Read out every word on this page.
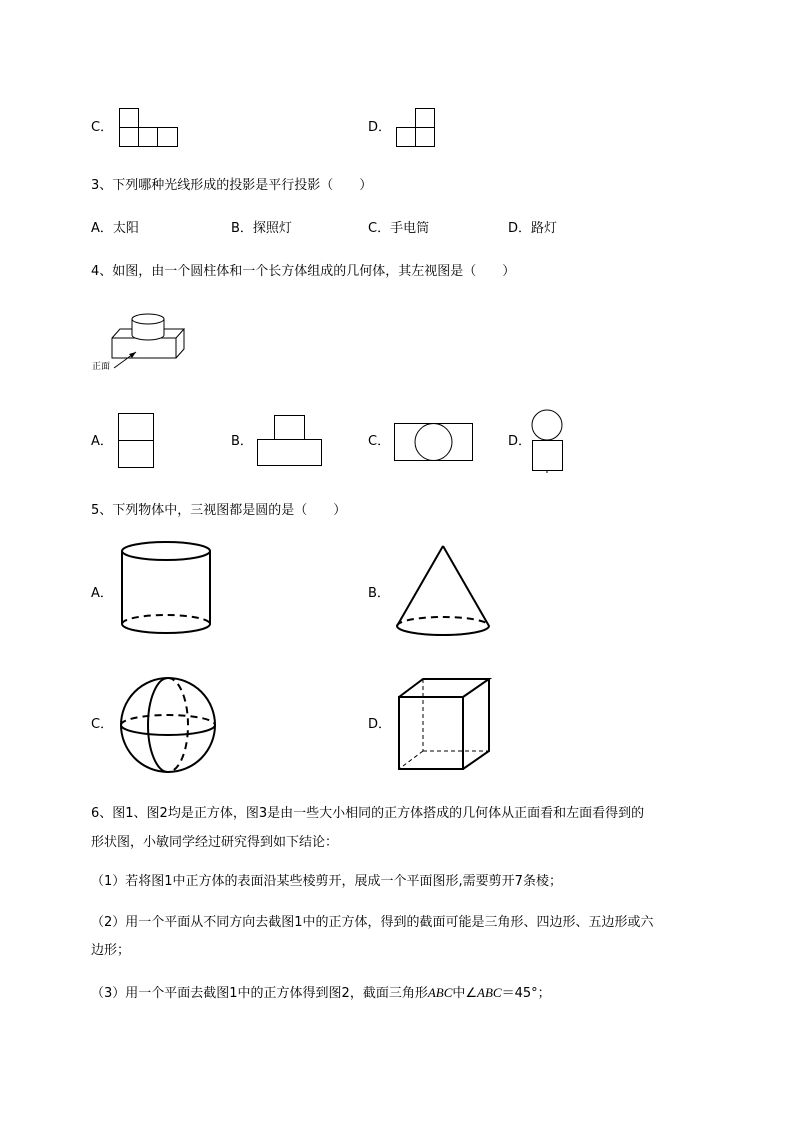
C．	D．
3、下列哪种光线形成的投影是平行投影（　　）
A．太阳	B．探照灯	C．手电筒	D．路灯
4、如图，由一个圆柱体和一个长方体组成的几何体，其左视图是（　　）
正面
A．	B．	C．	D．
5、下列物体中，三视图都是圆的是（　　）
A．	B．
C．	D．
6、图1、图2均是正方体，图3是由一些大小相同的正方体搭成的几何体从正面看和左面看得到的
形状图，小敏同学经过研究得到如下结论：
（1）若将图1中正方体的表面沿某些棱剪开，展成一个平面图形,需要剪开7条棱；
（2）用一个平面从不同方向去截图1中的正方体，得到的截面可能是三角形、四边形、五边形或六
边形；
（3）用一个平面去截图1中的正方体得到图2，截面三角形ABC中∠ABC＝45°；
